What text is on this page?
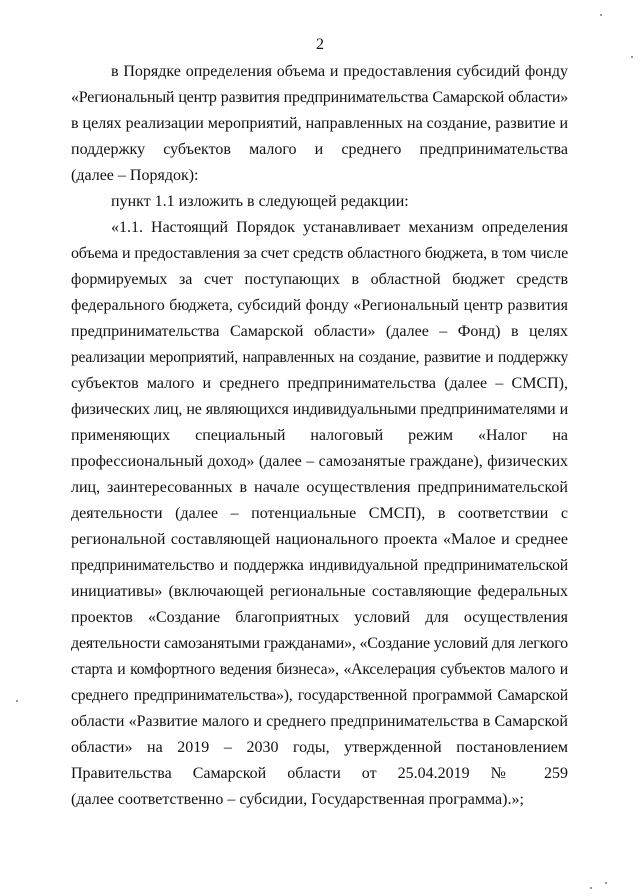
2
в Порядке определения объема и предоставления субсидий фонду
«Региональный центр развития предпринимательства Самарской области»
в целях реализации мероприятий, направленных на создание, развитие и
поддержку субъектов малого и среднего предпринимательства
(далее – Порядок):
пункт 1.1 изложить в следующей редакции:
«1.1. Настоящий Порядок устанавливает механизм определения
объема и предоставления за счет средств областного бюджета, в том числе
формируемых за счет поступающих в областной бюджет средств
федерального бюджета, субсидий фонду «Региональный центр развития
предпринимательства Самарской области» (далее – Фонд) в целях
реализации мероприятий, направленных на создание, развитие и поддержку
субъектов малого и среднего предпринимательства (далее – СМСП),
физических лиц, не являющихся индивидуальными предпринимателями и
применяющих специальный налоговый режим «Налог на
профессиональный доход» (далее – самозанятые граждане), физических
лиц, заинтересованных в начале осуществления предпринимательской
деятельности (далее – потенциальные СМСП), в соответствии с
региональной составляющей национального проекта «Малое и среднее
предпринимательство и поддержка индивидуальной предпринимательской
инициативы» (включающей региональные составляющие федеральных
проектов «Создание благоприятных условий для осуществления
деятельности самозанятыми гражданами», «Создание условий для легкого
старта и комфортного ведения бизнеса», «Акселерация субъектов малого и
среднего предпринимательства»), государственной программой Самарской
области «Развитие малого и среднего предпринимательства в Самарской
области» на 2019 – 2030 годы, утвержденной постановлением
Правительства Самарской области от 25.04.2019 № 259
(далее соответственно – субсидии, Государственная программа).»;
